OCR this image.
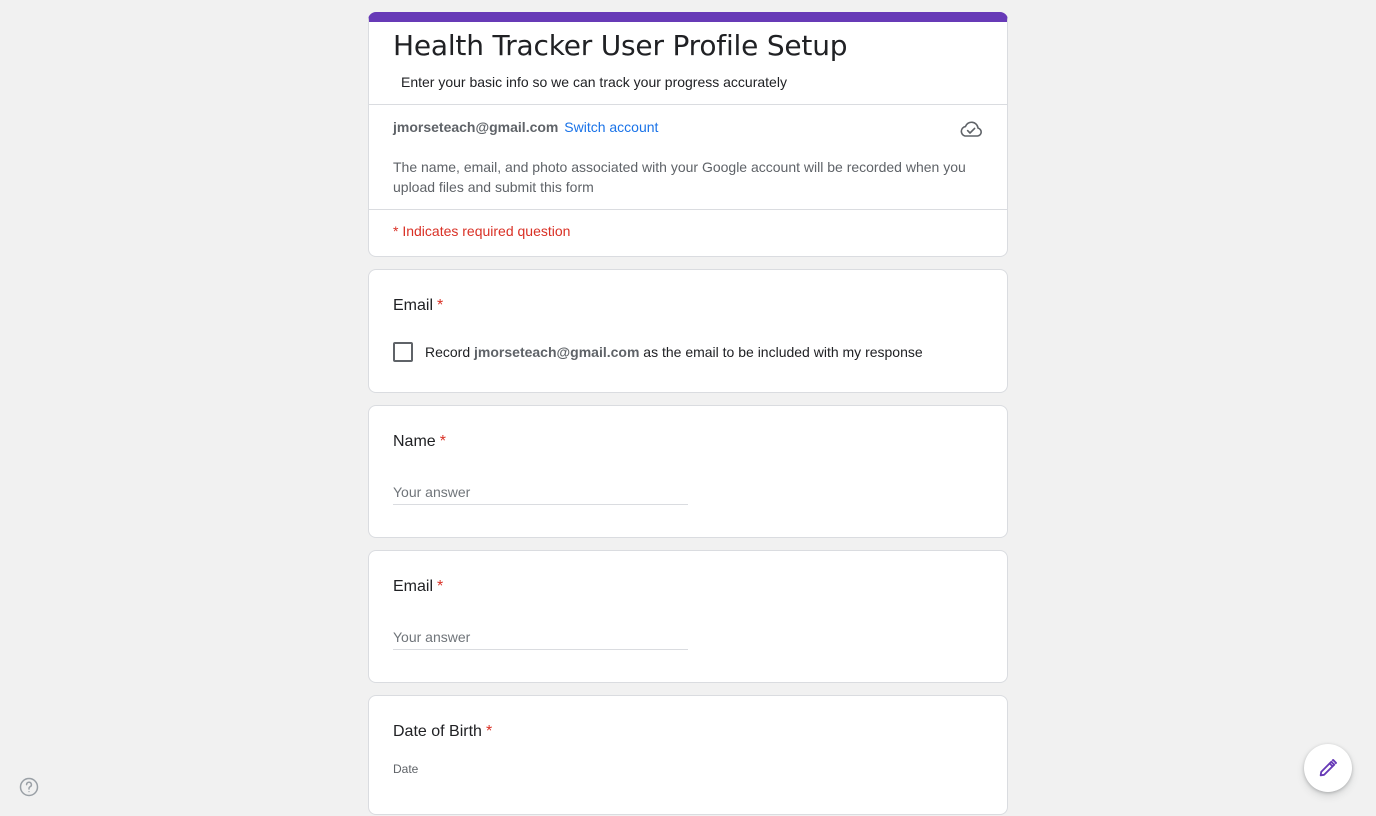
Health Tracker User Profile Setup
Enter your basic info so we can track your progress accurately
jmorseteach@gmail.com Switch account
The name, email, and photo associated with your Google account will be recorded when you upload files and submit this form
* Indicates required question
Email *
Record jmorseteach@gmail.com as the email to be included with my response
Name *
Your answer
Email *
Your answer
Date of Birth *
Date
